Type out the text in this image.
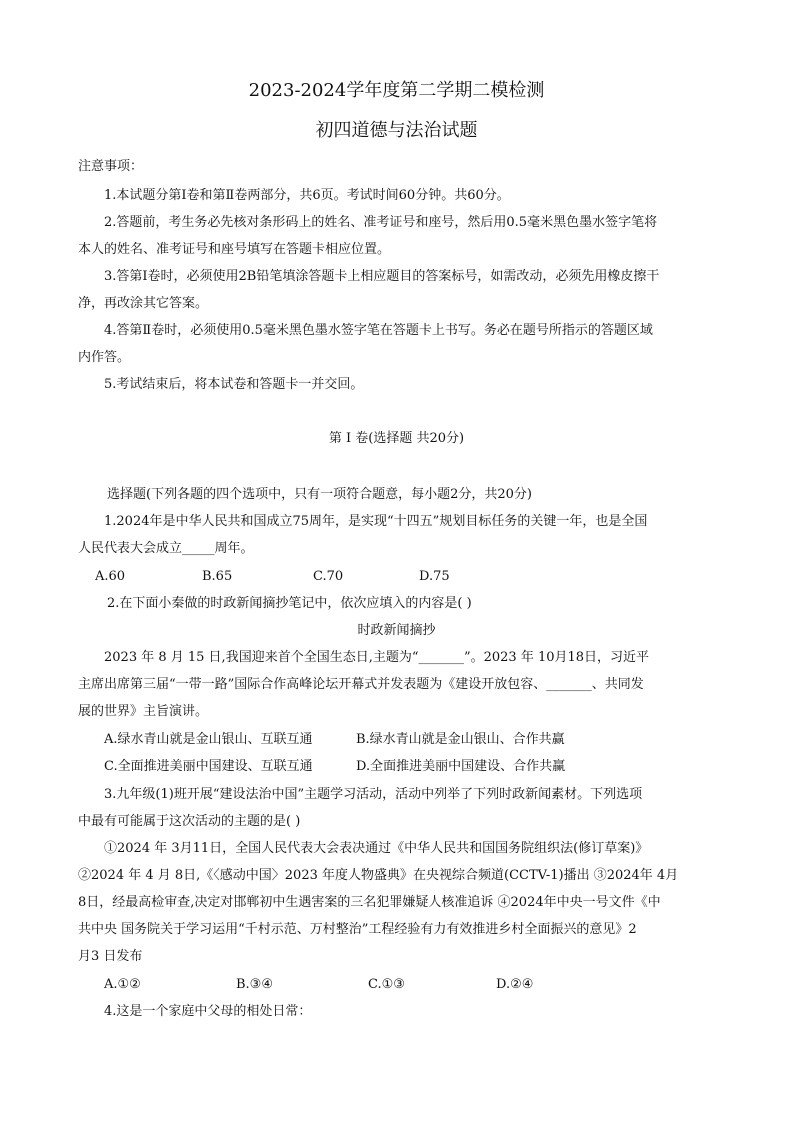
2023-2024学年度第二学期二模检测
初四道德与法治试题
注意事项：
1.本试题分第Ⅰ卷和第Ⅱ卷两部分，共6页。考试时间60分钟。共60分。
2.答题前，考生务必先核对条形码上的姓名、准考证号和座号，然后用0.5毫米黑色墨水签字笔将
本人的姓名、准考证号和座号填写在答题卡相应位置。
3.答第Ⅰ卷时，必须使用2B铅笔填涂答题卡上相应题目的答案标号，如需改动，必须先用橡皮擦干
净，再改涂其它答案。
4.答第Ⅱ卷时，必须使用0.5毫米黑色墨水签字笔在答题卡上书写。务必在题号所指示的答题区域
内作答。
5.考试结束后，将本试卷和答题卡一并交回。
第 Ⅰ 卷(选择题 共20分)
选择题(下列各题的四个选项中，只有一项符合题意，每小题2分，共20分)
1.2024年是中华人民共和国成立75周年，是实现“十四五”规划目标任务的关键一年，也是全国
人民代表大会成立_____周年。
A.60	B.65	C.70	D.75
2.在下面小秦做的时政新闻摘抄笔记中，依次应填入的内容是( )
时政新闻摘抄
2023 年 8 月 15 日,我国迎来首个全国生态日,主题为“_______”。2023 年 10月18日，习近平
主席出席第三届“一带一路”国际合作高峰论坛开幕式并发表题为《建设开放包容、_______、共同发
展的世界》主旨演讲。
A.绿水青山就是金山银山、互联互通	B.绿水青山就是金山银山、合作共赢
C.全面推进美丽中国建设、互联互通	D.全面推进美丽中国建设、合作共赢
3.九年级(1)班开展“建设法治中国”主题学习活动，活动中列举了下列时政新闻素材。下列选项
中最有可能属于这次活动的主题的是( )
①2024 年 3月11日，全国人民代表大会表决通过《中华人民共和国国务院组织法(修订草案)》
②2024 年 4 月 8日,《〈感动中国〉2023 年度人物盛典》在央视综合频道(CCTV-1)播出 ③2024年 4月
8日，经最高检审查,决定对邯郸初中生遇害案的三名犯罪嫌疑人核准追诉 ④2024年中央一号文件《中
共中央 国务院关于学习运用“千村示范、万村整治”工程经验有力有效推进乡村全面振兴的意见》2
月3 日发布
A.①②	B.③④	C.①③	D.②④
4.这是一个家庭中父母的相处日常：
